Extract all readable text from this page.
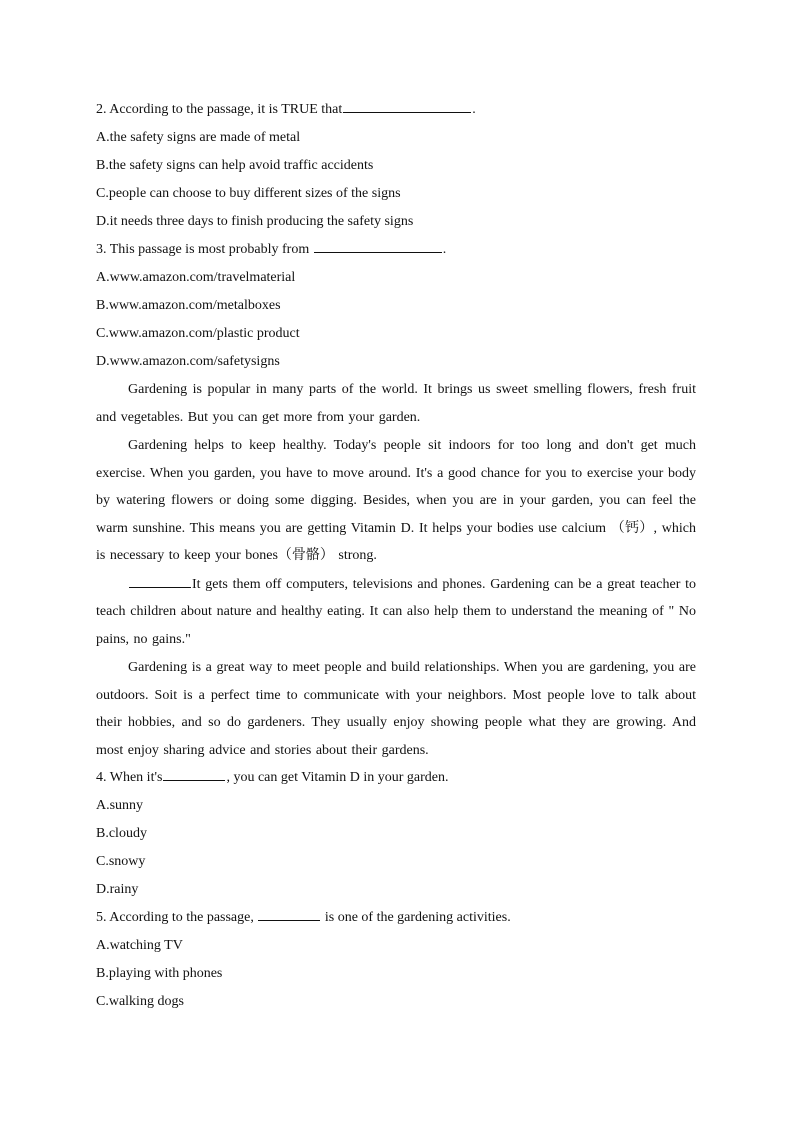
2. According to the passage, it is TRUE that	.
A.the safety signs are made of metal
B.the safety signs can help avoid traffic accidents
C.people can choose to buy different sizes of the signs
D.it needs three days to finish producing the safety signs
3. This passage is most probably from	.
A.www.amazon.com/travelmaterial
B.www.amazon.com/metalboxes
C.www.amazon.com/plastic product
D.www.amazon.com/safetysigns
Gardening is popular in many parts of the world. It brings us sweet smelling flowers, fresh fruit and vegetables. But you can get more from your garden.
Gardening helps to keep healthy. Today's people sit indoors for too long and don't get much exercise. When you garden, you have to move around. It's a good chance for you to exercise your body by watering flowers or doing some digging. Besides, when you are in your garden, you can feel the warm sunshine. This means you are getting Vitamin D. It helps your bodies use calcium （钙）, which is necessary to keep your bones（骨骼） strong.
It gets them off computers, televisions and phones. Gardening can be a great teacher to teach children about nature and healthy eating. It can also help them to understand the meaning of " No pains, no gains."
Gardening is a great way to meet people and build relationships. When you are gardening, you are outdoors. Soit is a perfect time to communicate with your neighbors. Most people love to talk about their hobbies, and so do gardeners. They usually enjoy showing people what they are growing. And most enjoy sharing advice and stories about their gardens.
4. When it's	, you can get Vitamin D in your garden.
A.sunny
B.cloudy
C.snowy
D.rainy
5. According to the passage,	is one of the gardening activities.
A.watching TV
B.playing with phones
C.walking dogs
